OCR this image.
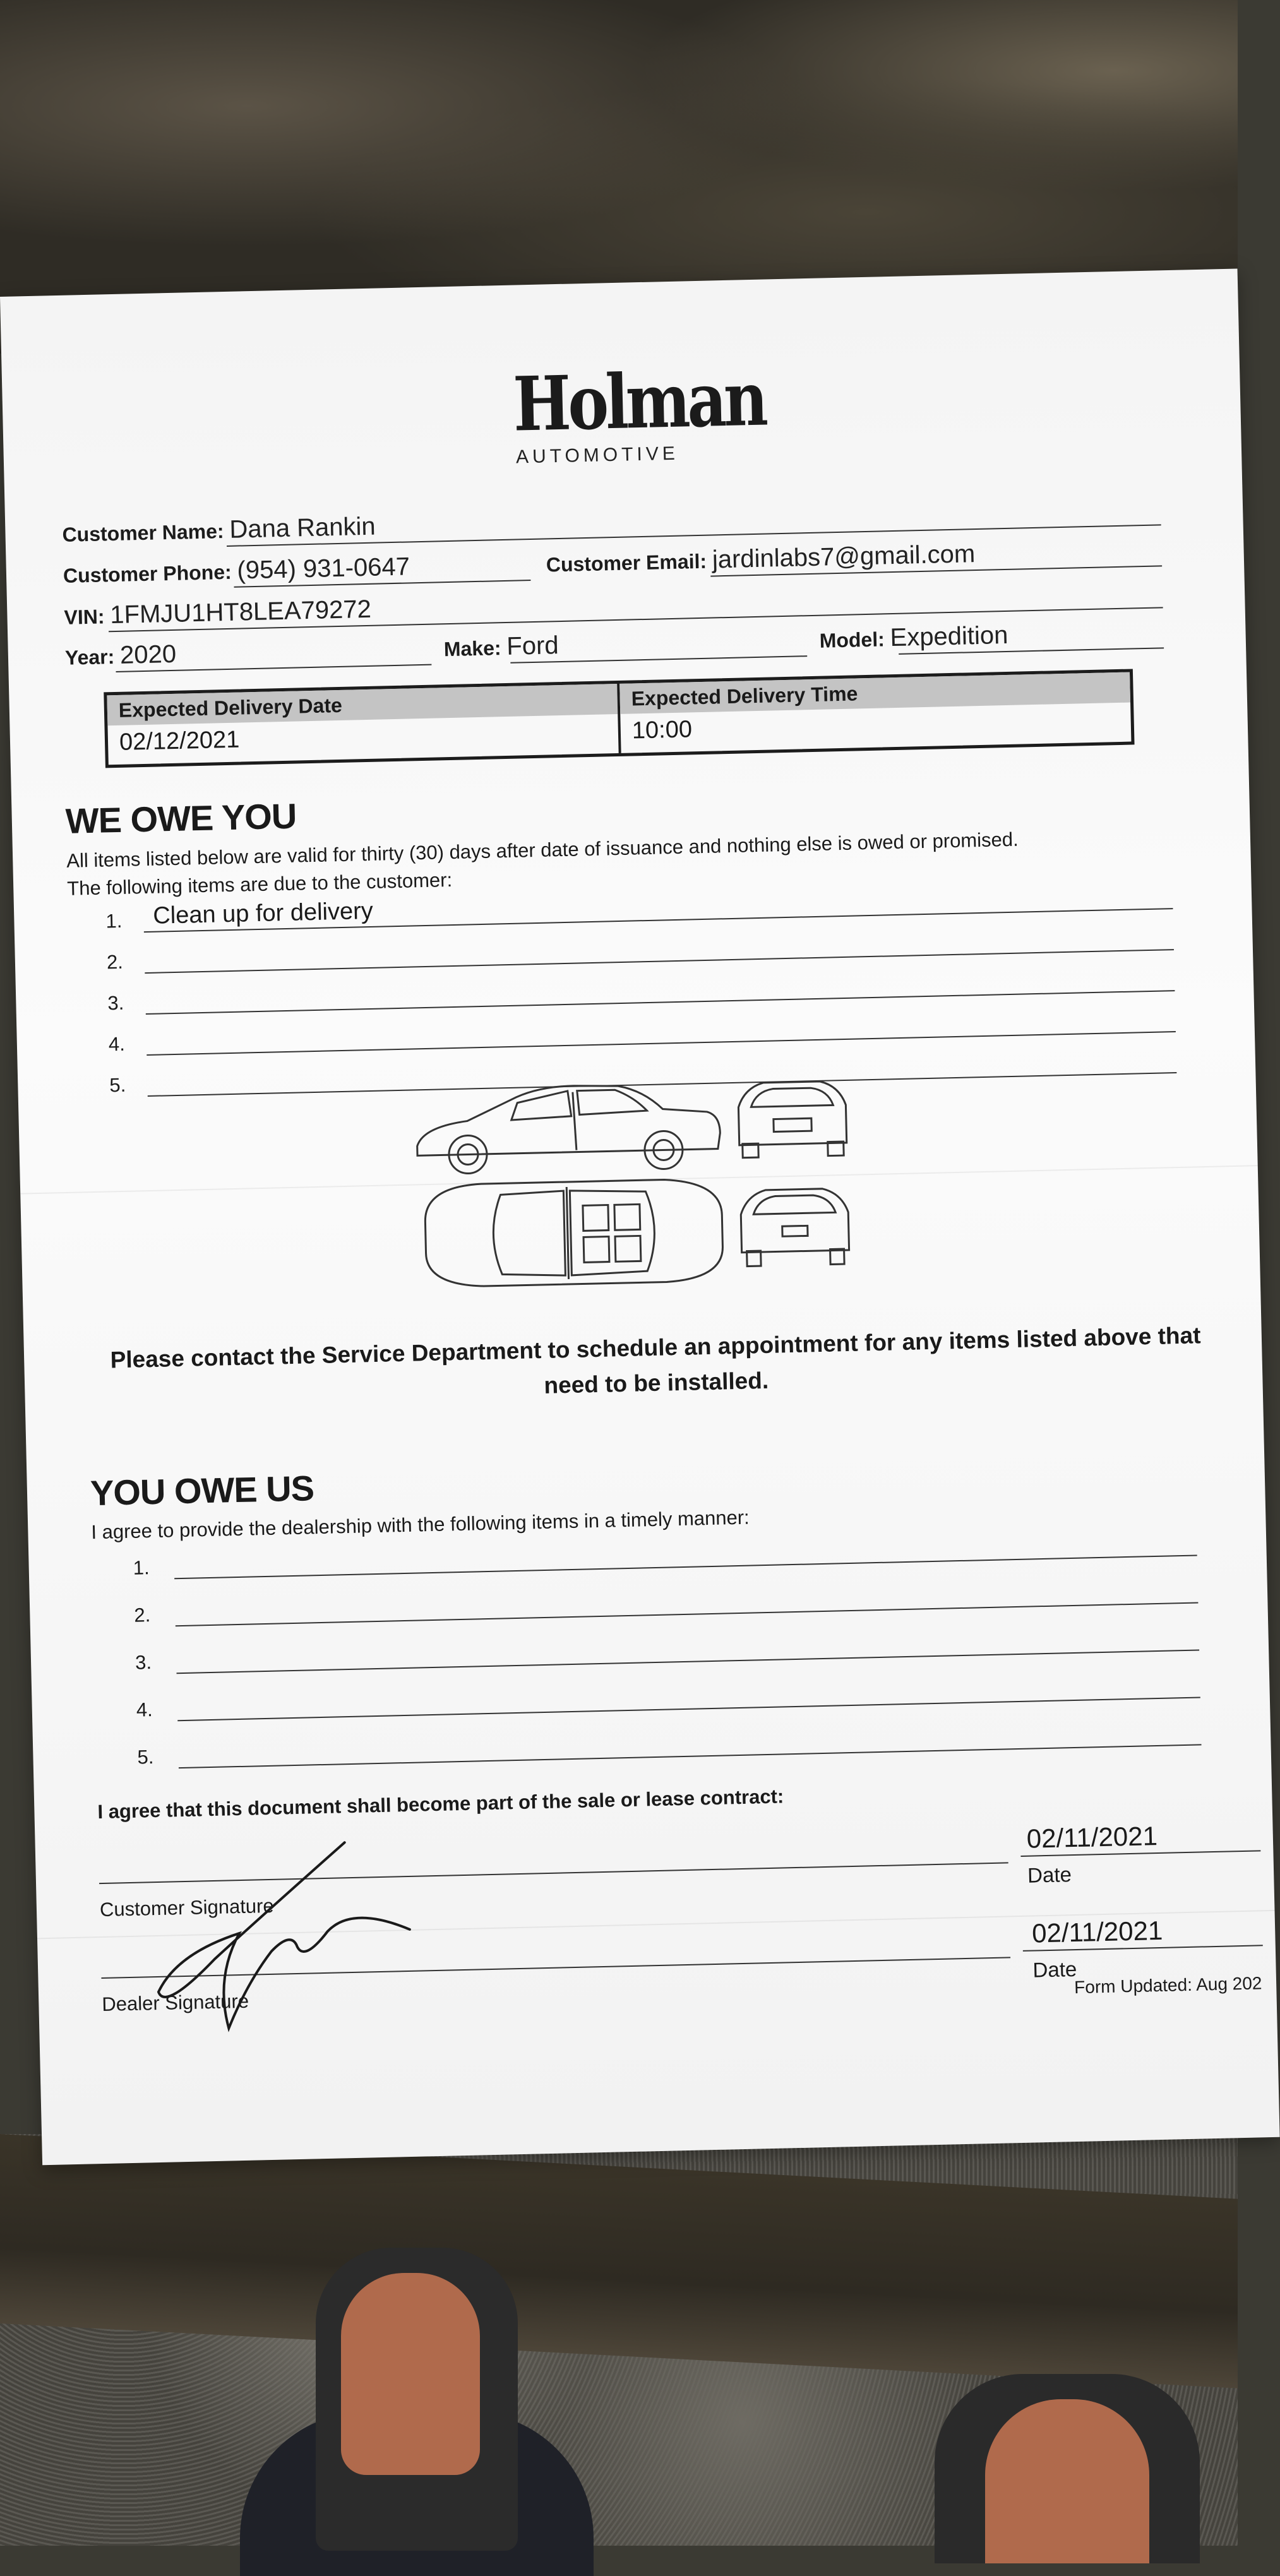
Holman
AUTOMOTIVE
Customer Name: Dana Rankin
Customer Phone: (954) 931-0647	Customer Email: jardinlabs7@gmail.com
VIN: 1FMJU1HT8LEA79272
Year: 2020	Make: Ford	Model: Expedition
Expected Delivery Date
02/12/2021
Expected Delivery Time
10:00
WE OWE YOU
All items listed below are valid for thirty (30) days after date of issuance and nothing else is owed or promised.
The following items are due to the customer:
1. Clean up for delivery
2.
3.
4.
5.
Please contact the Service Department to schedule an appointment for any items listed above that need to be installed.
YOU OWE US
I agree to provide the dealership with the following items in a timely manner:
1.
2.
3.
4.
5.
I agree that this document shall become part of the sale or lease contract:
Customer Signature
02/11/2021
Date
Dealer Signature
02/11/2021
Date
Form Updated: Aug 202
